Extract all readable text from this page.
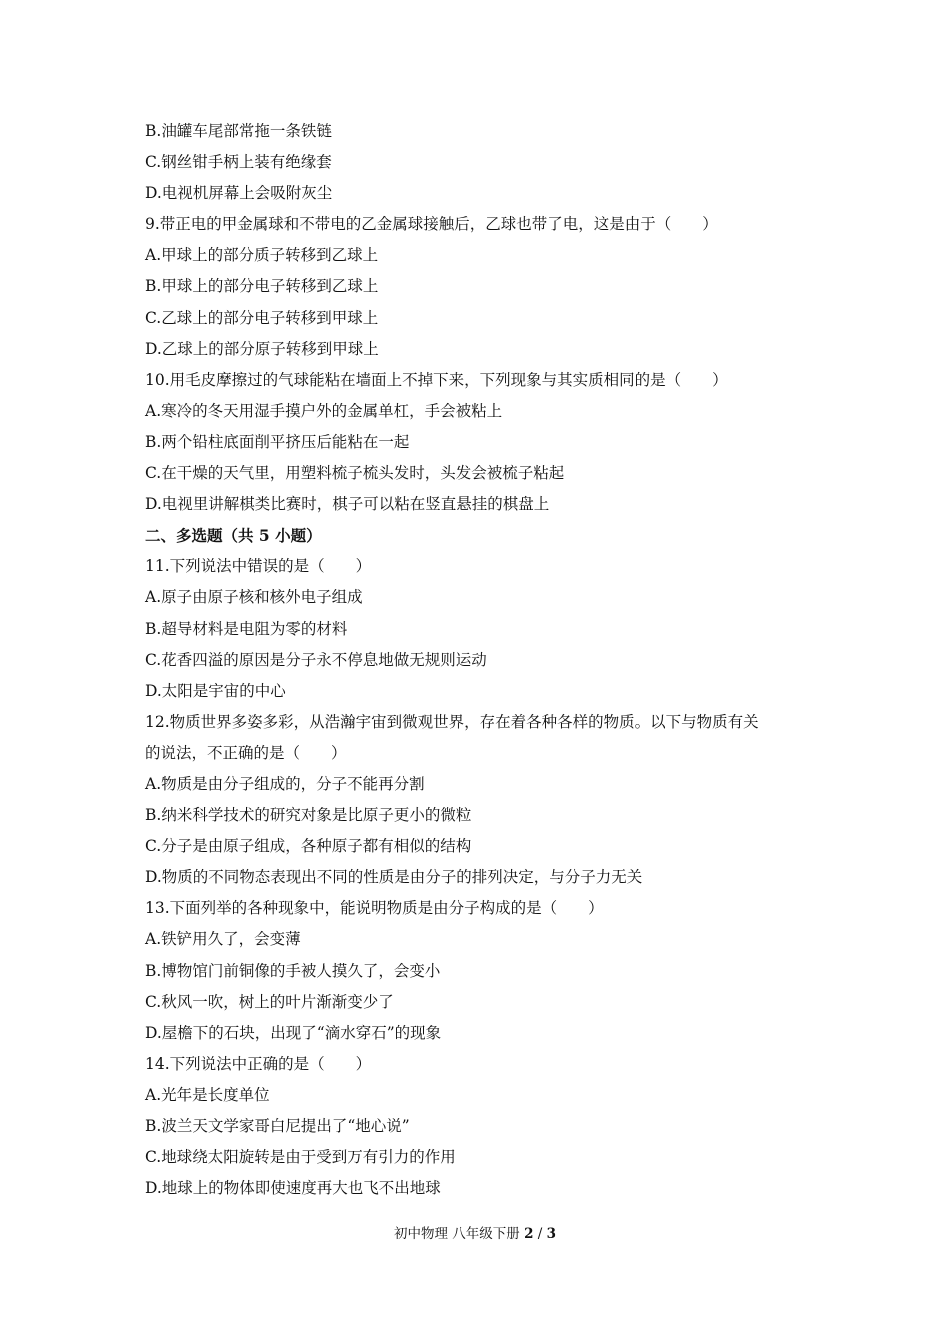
B.油罐车尾部常拖一条铁链
C.钢丝钳手柄上装有绝缘套
D.电视机屏幕上会吸附灰尘
9.带正电的甲金属球和不带电的乙金属球接触后，乙球也带了电，这是由于（　　）
A.甲球上的部分质子转移到乙球上
B.甲球上的部分电子转移到乙球上
C.乙球上的部分电子转移到甲球上
D.乙球上的部分原子转移到甲球上
10.用毛皮摩擦过的气球能粘在墙面上不掉下来，下列现象与其实质相同的是（　　）
A.寒冷的冬天用湿手摸户外的金属单杠，手会被粘上
B.两个铅柱底面削平挤压后能粘在一起
C.在干燥的天气里，用塑料梳子梳头发时，头发会被梳子粘起
D.电视里讲解棋类比赛时，棋子可以粘在竖直悬挂的棋盘上
二、多选题（共 5 小题）
11.下列说法中错误的是（　　）
A.原子由原子核和核外电子组成
B.超导材料是电阻为零的材料
C.花香四溢的原因是分子永不停息地做无规则运动
D.太阳是宇宙的中心
12.物质世界多姿多彩，从浩瀚宇宙到微观世界，存在着各种各样的物质。以下与物质有关
的说法，不正确的是（　　）
A.物质是由分子组成的，分子不能再分割
B.纳米科学技术的研究对象是比原子更小的微粒
C.分子是由原子组成，各种原子都有相似的结构
D.物质的不同物态表现出不同的性质是由分子的排列决定，与分子力无关
13.下面列举的各种现象中，能说明物质是由分子构成的是（　　）
A.铁铲用久了，会变薄
B.博物馆门前铜像的手被人摸久了，会变小
C.秋风一吹，树上的叶片渐渐变少了
D.屋檐下的石块，出现了“滴水穿石”的现象
14.下列说法中正确的是（　　）
A.光年是长度单位
B.波兰天文学家哥白尼提出了“地心说”
C.地球绕太阳旋转是由于受到万有引力的作用
D.地球上的物体即使速度再大也飞不出地球
初中物理 八年级下册 2 / 3
